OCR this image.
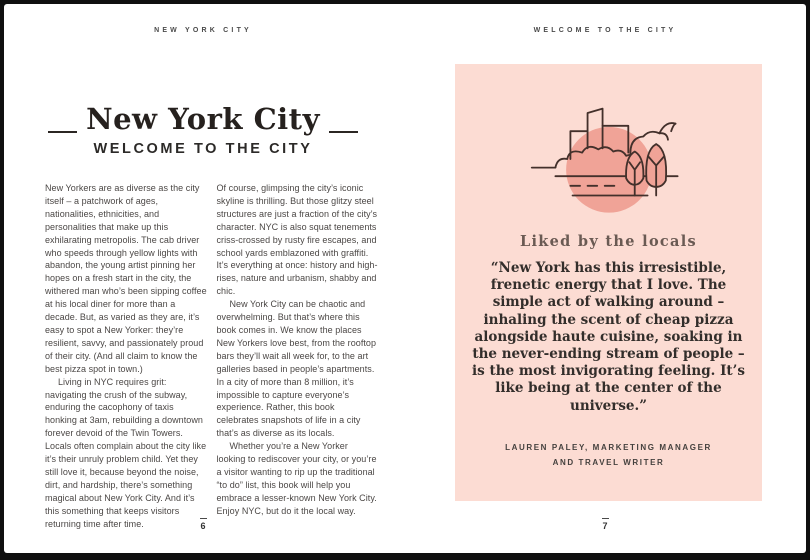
NEW YORK CITY
New York City
WELCOME TO THE CITY

New Yorkers are as diverse as the city itself – a patchwork of ages, nationalities, ethnicities, and personalities that make up this exhilarating metropolis. The cab driver who speeds through yellow lights with abandon, the young artist pinning her hopes on a fresh start in the city, the withered man who’s been sipping coffee at his local diner for more than a decade. But, as varied as they are, it’s easy to spot a New Yorker: they’re resilient, savvy, and passionately proud of their city. (And all claim to know the best pizza spot in town.)

Living in NYC requires grit: navigating the crush of the subway, enduring the cacophony of taxis honking at 3am, rebuilding a downtown forever devoid of the Twin Towers. Locals often complain about the city like it’s their unruly problem child. Yet they still love it, because beyond the noise, dirt, and hardship, there’s something magical about New York City. And it’s this something that keeps visitors returning time after time.

Of course, glimpsing the city’s iconic skyline is thrilling. But those glitzy steel structures are just a fraction of the city’s character. NYC is also squat tenements criss-crossed by rusty fire escapes, and school yards emblazoned with graffiti. It’s everything at once: history and high-rises, nature and urbanism, shabby and chic.

New York City can be chaotic and overwhelming. But that’s where this book comes in. We know the places New Yorkers love best, from the rooftop bars they’ll wait all week for, to the art galleries based in people’s apartments. In a city of more than 8 million, it’s impossible to capture everyone’s experience. Rather, this book celebrates snapshots of life in a city that’s as diverse as its locals.

Whether you’re a New Yorker looking to rediscover your city, or you’re a visitor wanting to rip up the traditional “to do” list, this book will help you embrace a lesser-known New York City. Enjoy NYC, but do it the local way.

6
WELCOME TO THE CITY
Liked by the locals

“New York has this irresistible, frenetic energy that I love. The simple act of walking around – inhaling the scent of cheap pizza alongside haute cuisine, soaking in the never-ending stream of people – is the most invigorating feeling. It’s like being at the center of the universe.”

LAUREN PALEY, MARKETING MANAGER
AND TRAVEL WRITER
7
